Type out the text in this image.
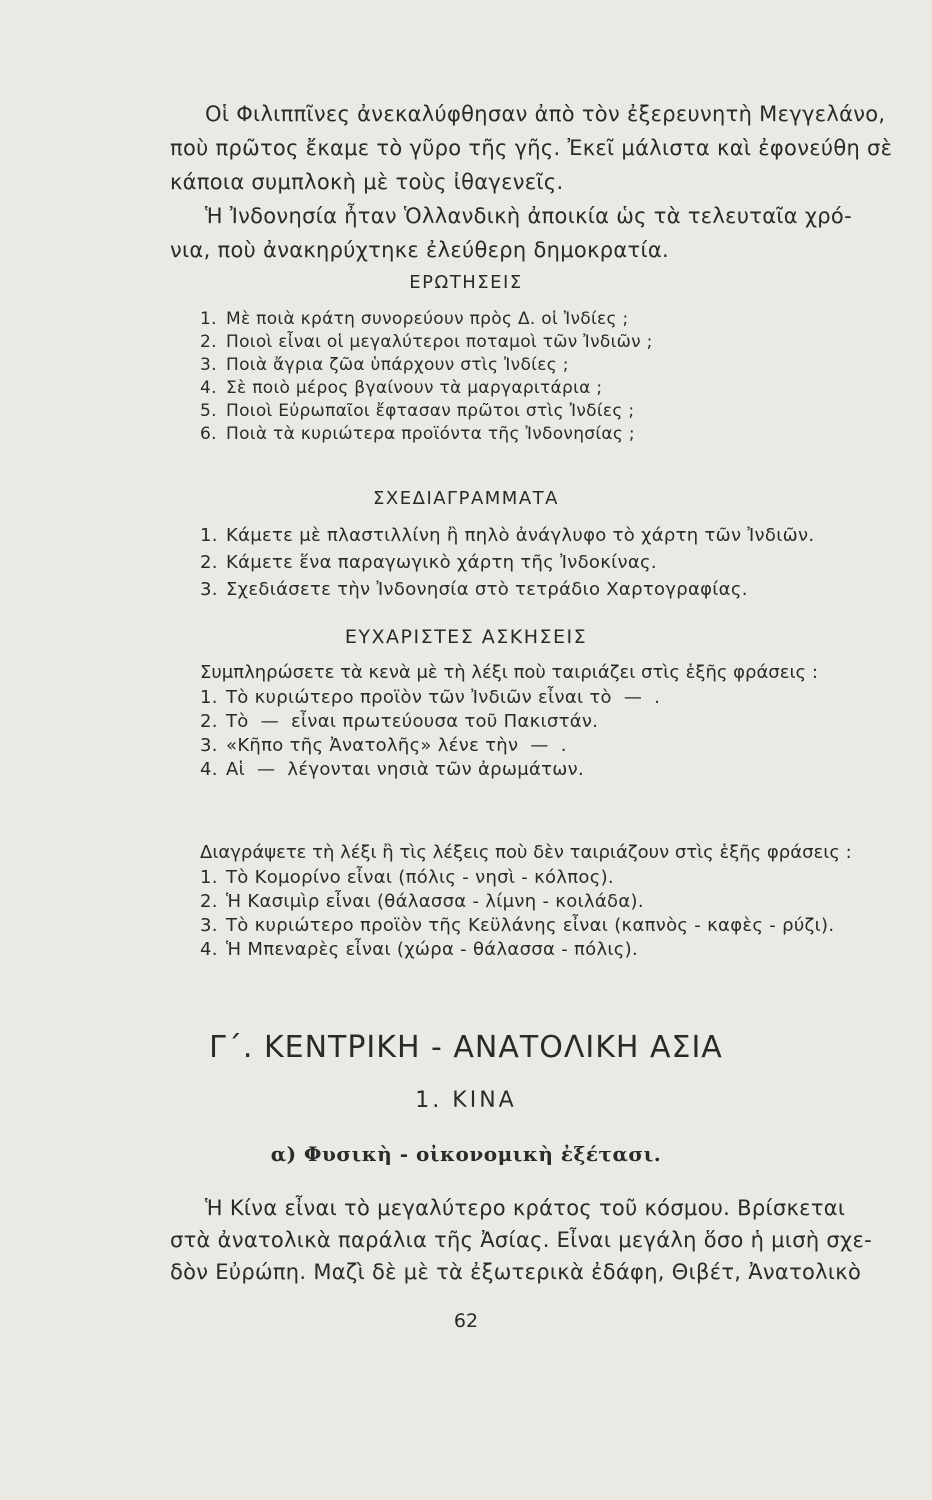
Οἱ Φιλιππῖνες ἀνεκαλύφθησαν ἀπὸ τὸν ἐξερευνητὴ Μεγγελάνο,

ποὺ πρῶτος ἔκαμε τὸ γῦρο τῆς γῆς. Ἐκεῖ μάλιστα καὶ ἐφονεύθη σὲ

κάποια συμπλοκὴ μὲ τοὺς ἰθαγενεῖς.

Ἡ Ἰνδονησία ἦταν Ὁλλανδικὴ ἀποικία ὡς τὰ τελευταῖα χρό-

νια, ποὺ ἀνακηρύχτηκε ἐλεύθερη δημοκρατία.

ΕΡΩΤΗΣΕΙΣ
1. Μὲ ποιὰ κράτη συνορεύουν πρὸς Δ. οἱ Ἰνδίες ;
2. Ποιοὶ εἶναι οἱ μεγαλύτεροι ποταμοὶ τῶν Ἰνδιῶν ;
3. Ποιὰ ἄγρια ζῶα ὑπάρχουν στὶς Ἰνδίες ;
4. Σὲ ποιὸ μέρος βγαίνουν τὰ μαργαριτάρια ;
5. Ποιοὶ Εὐρωπαῖοι ἔφτασαν πρῶτοι στὶς Ἰνδίες ;
6. Ποιὰ τὰ κυριώτερα προϊόντα τῆς Ἰνδονησίας ;
ΣΧΕΔΙΑΓΡΑΜΜΑΤΑ
1. Κάμετε μὲ πλαστιλλίνη ἢ πηλὸ ἀνάγλυφο τὸ χάρτη τῶν Ἰνδιῶν.
2. Κάμετε ἕνα παραγωγικὸ χάρτη τῆς Ἰνδοκίνας.
3. Σχεδιάσετε τὴν Ἰνδονησία στὸ τετράδιο Χαρτογραφίας.
ΕΥΧΑΡΙΣΤΕΣ ΑΣΚΗΣΕΙΣ
Συμπληρώσετε τὰ κενὰ μὲ τὴ λέξι ποὺ ταιριάζει στὶς ἑξῆς φράσεις :
1. Τὸ κυριώτερο προϊὸν τῶν Ἰνδιῶν εἶναι τὸ  —  .
2. Τὸ  —  εἶναι πρωτεύουσα τοῦ Πακιστάν.
3. «Κῆπο τῆς Ἀνατολῆς» λένε τὴν  —  .
4. Αἱ  —  λέγονται νησιὰ τῶν ἀρωμάτων.
Διαγράψετε τὴ λέξι ἢ τὶς λέξεις ποὺ δὲν ταιριάζουν στὶς ἑξῆς φράσεις :
1. Τὸ Κομορίνο εἶναι (πόλις - νησὶ - κόλπος).
2. Ἡ Κασιμὶρ εἶναι (θάλασσα - λίμνη - κοιλάδα).
3. Τὸ κυριώτερο προϊὸν τῆς Κεϋλάνης εἶναι (καπνὸς - καφὲς - ρύζι).
4. Ἡ Μπεναρὲς εἶναι (χώρα - θάλασσα - πόλις).
Γ΄. ΚΕΝΤΡΙΚΗ - ΑΝΑΤΟΛΙΚΗ ΑΣΙΑ
1. ΚΙΝΑ
α) Φυσικὴ - οἰκονομικὴ ἐξέτασι.
Ἡ Κίνα εἶναι τὸ μεγαλύτερο κράτος τοῦ κόσμου. Βρίσκεται
στὰ ἀνατολικὰ παράλια τῆς Ἀσίας. Εἶναι μεγάλη ὅσο ἡ μισὴ σχε-
δὸν Εὐρώπη. Μαζὶ δὲ μὲ τὰ ἐξωτερικὰ ἐδάφη, Θιβέτ, Ἀνατολικὸ
62
